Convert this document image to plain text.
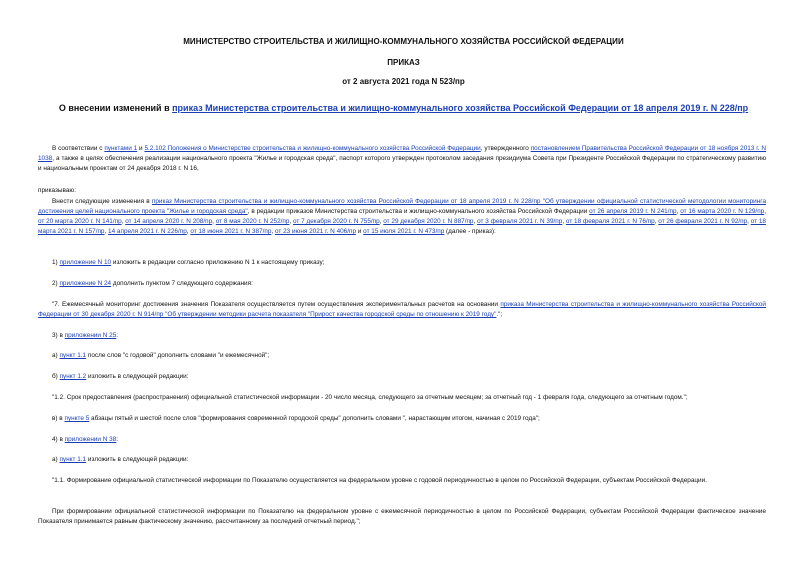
МИНИСТЕРСТВО СТРОИТЕЛЬСТВА И ЖИЛИЩНО-КОММУНАЛЬНОГО ХОЗЯЙСТВА РОССИЙСКОЙ ФЕДЕРАЦИИ
ПРИКАЗ
от 2 августа 2021 года N 523/пр
О внесении изменений в приказ Министерства строительства и жилищно-коммунального хозяйства Российской Федерации от 18 апреля 2019 г. N 228/пр

В соответствии с пунктами 1 и 5.2.102 Положения о Министерстве строительства и жилищно-коммунального хозяйства Российской Федерации, утвержденного постановлением Правительства Российской Федерации от 18 ноября 2013 г. N 1038, а также в целях обеспечения реализации национального проекта "Жилье и городская среда", паспорт которого утвержден протоколом заседания президиума Совета при Президенте Российской Федерации по стратегическому развитию и национальным проектам от 24 декабря 2018 г. N 16,

приказываю:

Внести следующие изменения в приказ Министерства строительства и жилищно-коммунального хозяйства Российской Федерации от 18 апреля 2019 г. N 228/пр "Об утверждении официальной статистической методологии мониторинга достижения целей национального проекта "Жилье и городская среда", в редакции приказов Министерства строительства и жилищно-коммунального хозяйства Российской Федерации от 26 апреля 2019 г. N 241/пр, от 16 марта 2020 г. N 129/пр, от 20 марта 2020 г. N 141/пр, от 14 апреля 2020 г. N 208/пр, от 8 мая 2020 г. N 252/пр, от 7 декабря 2020 г. N 755/пр, от 29 декабря 2020 г. N 887/пр, от 3 февраля 2021 г. N 39/пр, от 18 февраля 2021 г. N 76/пр, от 26 февраля 2021 г. N 92/пр, от 18 марта 2021 г. N 157/пр, 14 апреля 2021 г. N 226/пр, от 18 июня 2021 г. N 387/пр, от 23 июня 2021 г. N 406/пр и от 15 июля 2021 г. N 473/пр (далее - приказ):

1) приложение N 10 изложить в редакции согласно приложению N 1 к настоящему приказу;

2) приложение N 24 дополнить пунктом 7 следующего содержания:

"7. Ежемесячный мониторинг достижения значения Показателя осуществляется путем осуществления экспериментальных расчетов на основании приказа Министерства строительства и жилищно-коммунального хозяйства Российской Федерации от 30 декабря 2020 г. N 914/пр "Об утверждении методики расчета показателя "Прирост качества городской среды по отношению к 2019 году".";

3) в приложении N 25:

а) пункт 1.1 после слов "с годовой" дополнить словами "и ежемесячной";

б) пункт 1.2 изложить в следующей редакции:

"1.2. Срок предоставления (распространения) официальной статистической информации - 20 число месяца, следующего за отчетным месяцем; за отчетный год - 1 февраля года, следующего за отчетным годом.";

в) в пункте 5 абзацы пятый и шестой после слов "формирования современной городской среды" дополнить словами ", нарастающим итогом, начиная с 2019 года";

4) в приложении N 38:

а) пункт 1.1 изложить в следующей редакции:

"1.1. Формирование официальной статистической информации по Показателю осуществляется на федеральном уровне с годовой периодичностью в целом по Российской Федерации, субъектам Российской Федерации.

При формировании официальной статистической информации по Показателю на федеральном уровне с ежемесячной периодичностью в целом по Российской Федерации, субъектам Российской Федерации фактическое значение Показателя принимается равным фактическому значению, рассчитанному за последний отчетный период.";
